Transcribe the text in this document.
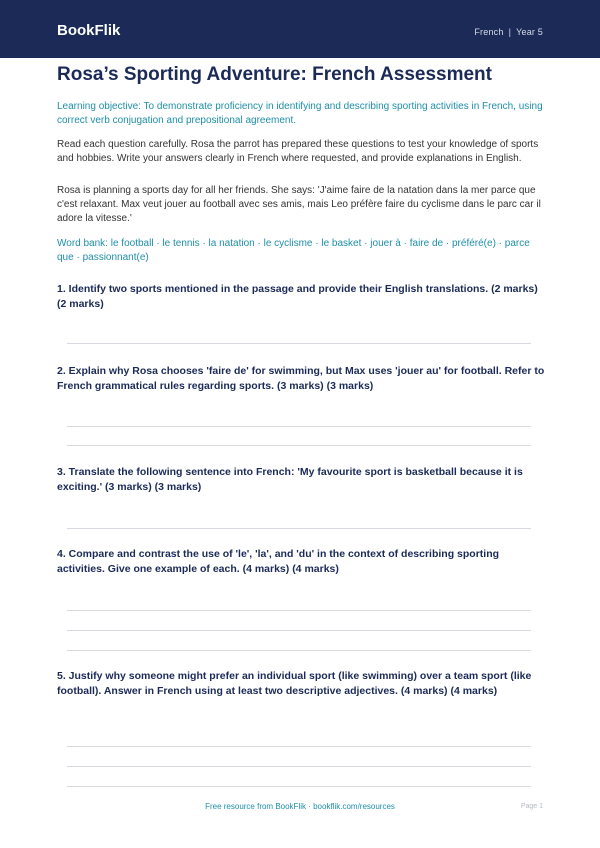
BookFlik	French | Year 5
Rosa’s Sporting Adventure: French Assessment
Learning objective: To demonstrate proficiency in identifying and describing sporting activities in French, using correct verb conjugation and prepositional agreement.
Read each question carefully. Rosa the parrot has prepared these questions to test your knowledge of sports and hobbies. Write your answers clearly in French where requested, and provide explanations in English.
Rosa is planning a sports day for all her friends. She says: 'J'aime faire de la natation dans la mer parce que c'est relaxant. Max veut jouer au football avec ses amis, mais Leo préfère faire du cyclisme dans le parc car il adore la vitesse.'
Word bank: le football · le tennis · la natation · le cyclisme · le basket · jouer à · faire de · préféré(e) · parce que · passionnant(e)
1. Identify two sports mentioned in the passage and provide their English translations. (2 marks) (2 marks)
2. Explain why Rosa chooses 'faire de' for swimming, but Max uses 'jouer au' for football. Refer to French grammatical rules regarding sports. (3 marks) (3 marks)
3. Translate the following sentence into French: 'My favourite sport is basketball because it is exciting.' (3 marks) (3 marks)
4. Compare and contrast the use of 'le', 'la', and 'du' in the context of describing sporting activities. Give one example of each. (4 marks) (4 marks)
5. Justify why someone might prefer an individual sport (like swimming) over a team sport (like football). Answer in French using at least two descriptive adjectives. (4 marks) (4 marks)
Free resource from BookFlik · bookflik.com/resources	Page 1
